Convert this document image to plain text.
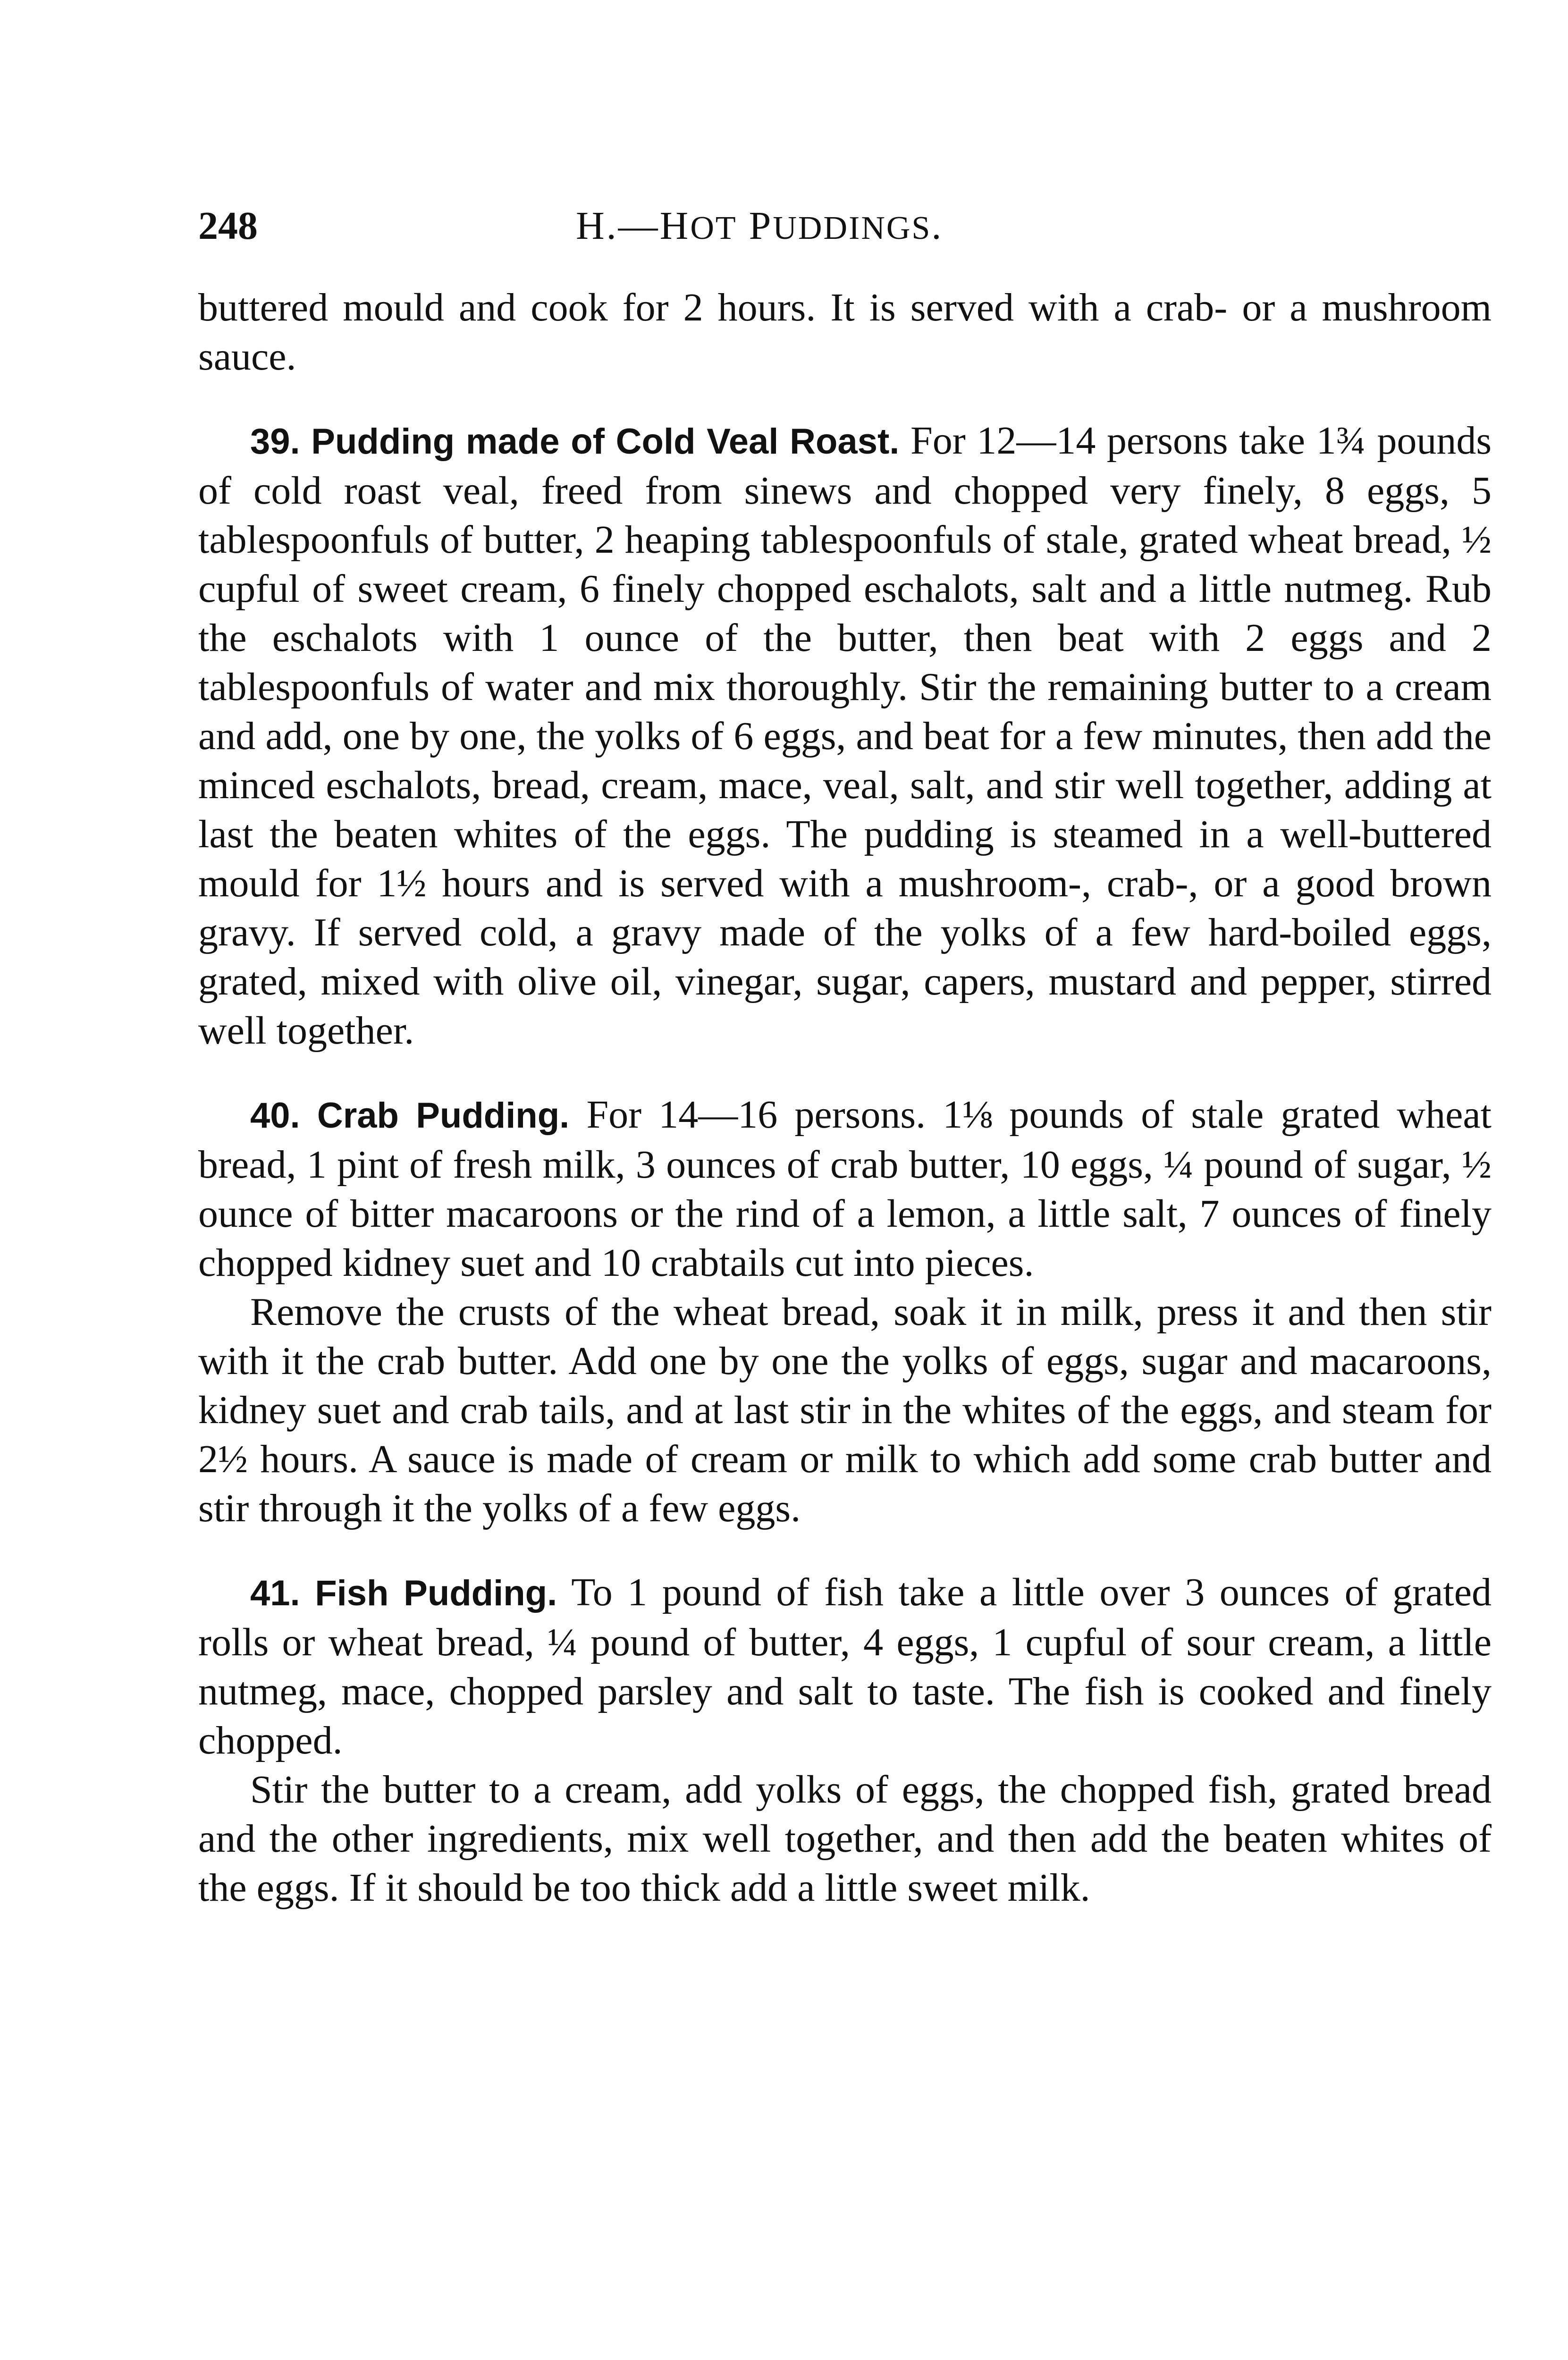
248	H.—HOT PUDDINGS.

buttered mould and cook for 2 hours. It is served with a crab- or a mushroom sauce.

39. Pudding made of Cold Veal Roast. For 12—14 persons take 1¾ pounds of cold roast veal, freed from sinews and chopped very finely, 8 eggs, 5 tablespoonfuls of butter, 2 heaping tablespoonfuls of stale, grated wheat bread, ½ cupful of sweet cream, 6 finely chopped eschalots, salt and a little nutmeg. Rub the eschalots with 1 ounce of the butter, then beat with 2 eggs and 2 tablespoonfuls of water and mix thoroughly. Stir the remaining butter to a cream and add, one by one, the yolks of 6 eggs, and beat for a few minutes, then add the minced eschalots, bread, cream, mace, veal, salt, and stir well together, adding at last the beaten whites of the eggs. The pudding is steamed in a well-buttered mould for 1½ hours and is served with a mushroom-, crab-, or a good brown gravy. If served cold, a gravy made of the yolks of a few hard-boiled eggs, grated, mixed with olive oil, vinegar, sugar, capers, mustard and pepper, stirred well together.

40. Crab Pudding. For 14—16 persons. 1⅛ pounds of stale grated wheat bread, 1 pint of fresh milk, 3 ounces of crab butter, 10 eggs, ¼ pound of sugar, ½ ounce of bitter macaroons or the rind of a lemon, a little salt, 7 ounces of finely chopped kidney suet and 10 crabtails cut into pieces.

Remove the crusts of the wheat bread, soak it in milk, press it and then stir with it the crab butter. Add one by one the yolks of eggs, sugar and macaroons, kidney suet and crab tails, and at last stir in the whites of the eggs, and steam for 2½ hours. A sauce is made of cream or milk to which add some crab butter and stir through it the yolks of a few eggs.

41. Fish Pudding. To 1 pound of fish take a little over 3 ounces of grated rolls or wheat bread, ¼ pound of butter, 4 eggs, 1 cupful of sour cream, a little nutmeg, mace, chopped parsley and salt to taste. The fish is cooked and finely chopped.

Stir the butter to a cream, add yolks of eggs, the chopped fish, grated bread and the other ingredients, mix well together, and then add the beaten whites of the eggs. If it should be too thick add a little sweet milk.
